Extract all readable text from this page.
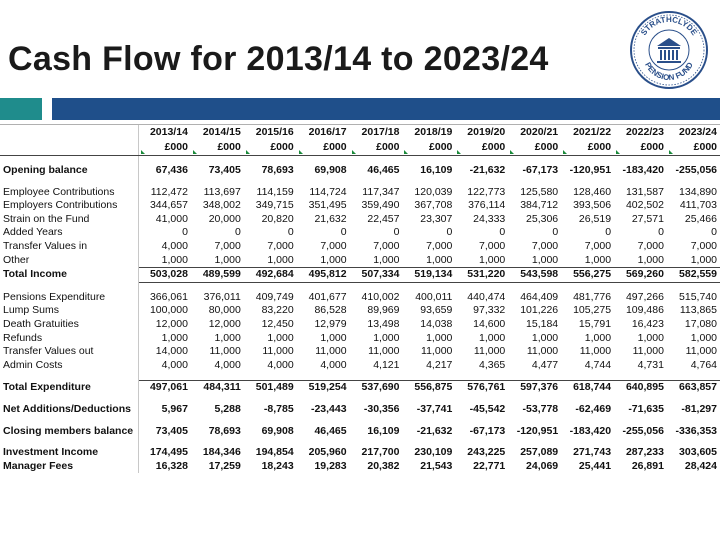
Cash Flow for 2013/14 to 2023/24
STRATHCLYDE
PENSION FUND
	2013/14	2014/15	2015/16	2016/17	2017/18	2018/19	2019/20	2020/21	2021/22	2022/23	2023/24

£000	£000	£000	£000	£000	£000	£000	£000	£000	£000	£000

Opening balance	67,436	73,405	78,693	69,908	46,465	16,109	-21,632	-67,173	-120,951	-183,420	-255,056

Employee Contributions	112,472	113,697	114,159	114,724	117,347	120,039	122,773	125,580	128,460	131,587	134,890
Employers Contributions	344,657	348,002	349,715	351,495	359,490	367,708	376,114	384,712	393,506	402,502	411,703
Strain on the Fund	41,000	20,000	20,820	21,632	22,457	23,307	24,333	25,306	26,519	27,571	25,466
Added Years	0	0	0	0	0	0	0	0	0	0	0
Transfer Values in	4,000	7,000	7,000	7,000	7,000	7,000	7,000	7,000	7,000	7,000	7,000
Other	1,000	1,000	1,000	1,000	1,000	1,000	1,000	1,000	1,000	1,000	1,000
Total Income	503,028	489,599	492,684	495,812	507,334	519,134	531,220	543,598	556,275	569,260	582,559

Pensions Expenditure	366,061	376,011	409,749	401,677	410,002	400,011	440,474	464,409	481,776	497,266	515,740
Lump Sums	100,000	80,000	83,220	86,528	89,969	93,659	97,332	101,226	105,275	109,486	113,865
Death Gratuities	12,000	12,000	12,450	12,979	13,498	14,038	14,600	15,184	15,791	16,423	17,080
Refunds	1,000	1,000	1,000	1,000	1,000	1,000	1,000	1,000	1,000	1,000	1,000
Transfer Values out	14,000	11,000	11,000	11,000	11,000	11,000	11,000	11,000	11,000	11,000	11,000
Admin Costs	4,000	4,000	4,000	4,000	4,121	4,217	4,365	4,477	4,744	4,731	4,764

Total Expenditure	497,061	484,311	501,489	519,254	537,690	556,875	576,761	597,376	618,744	640,895	663,857

Net Additions/Deductions	5,967	5,288	-8,785	-23,443	-30,356	-37,741	-45,542	-53,778	-62,469	-71,635	-81,297

Closing members balance	73,405	78,693	69,908	46,465	16,109	-21,632	-67,173	-120,951	-183,420	-255,056	-336,353

Investment Income	174,495	184,346	194,854	205,960	217,700	230,109	243,225	257,089	271,743	287,233	303,605
Manager Fees	16,328	17,259	18,243	19,283	20,382	21,543	22,771	24,069	25,441	26,891	28,424
